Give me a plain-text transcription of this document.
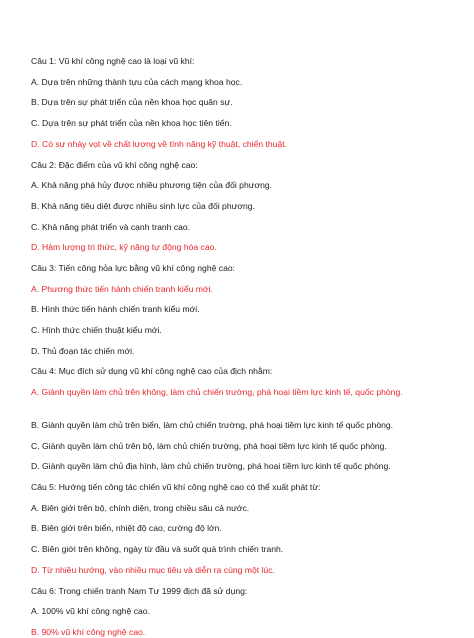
Câu 1: Vũ khí công nghệ cao là loại vũ khí:
A. Dựa trên những thành tựu của cách mạng khoa học.
B. Dựa trên sự phát triển của nền khoa học quân sự.
C. Dựa trên sự phát triển của nền khoa học tiên tiến.
D. Có sự nhảy vọt về chất lượng về tính năng kỹ thuật, chiến thuật.
Câu 2: Đặc điểm của vũ khí công nghệ cao:
A. Khả năng phá hủy được nhiều phương tiện của đối phương.
B. Khả năng tiêu diệt được nhiều sinh lực của đối phương.
C. Khả năng phát triển và cạnh tranh cao.
D. Hàm lượng tri thức, kỹ năng tự động hóa cao.
Câu 3: Tiến công hỏa lực bằng vũ khí công nghệ cao:
A. Phương thức tiến hành chiến tranh kiểu mới.
B. Hình thức tiến hành chiến tranh kiểu mới.
C. Hình thức chiến thuật kiểu mới.
D. Thủ đoạn tác chiến mới.
Câu 4: Mục đích sử dụng vũ khí công nghệ cao của địch nhằm:
A. Giành quyền làm chủ trên không, làm chủ chiến trường, phá hoại tiềm lực kinh tế, quốc phòng.
B. Giành quyền làm chủ trên biển, làm chủ chiến trường, phá hoại tiềm lực kinh tế quốc phòng.
C. Giành quyền làm chủ trên bộ, làm chủ chiến trường, phá hoại tiềm lực kinh tế quốc phòng.
D. Giành quyền làm chủ địa hình, làm chủ chiến trường, phá hoại tiềm lực kinh tế quốc phòng.
Câu 5: Hướng tiến công tác chiến vũ khí công nghệ cao có thể xuất phát từ:
A. Biên giới trên bộ, chính diện, trong chiều sâu cả nước.
B. Biên giới trên biển, nhiệt độ cao, cường độ lớn.
C. Biên giới trên không, ngày từ đầu và suốt quá trình chiến tranh.
D. Từ nhiều hướng, vào nhiều mục tiêu và diễn ra cùng một lúc.
Câu 6: Trong chiến tranh Nam Tư 1999 địch đã sử dụng:
A. 100% vũ khí công nghệ cao.
B. 90% vũ khí công nghệ cao.
